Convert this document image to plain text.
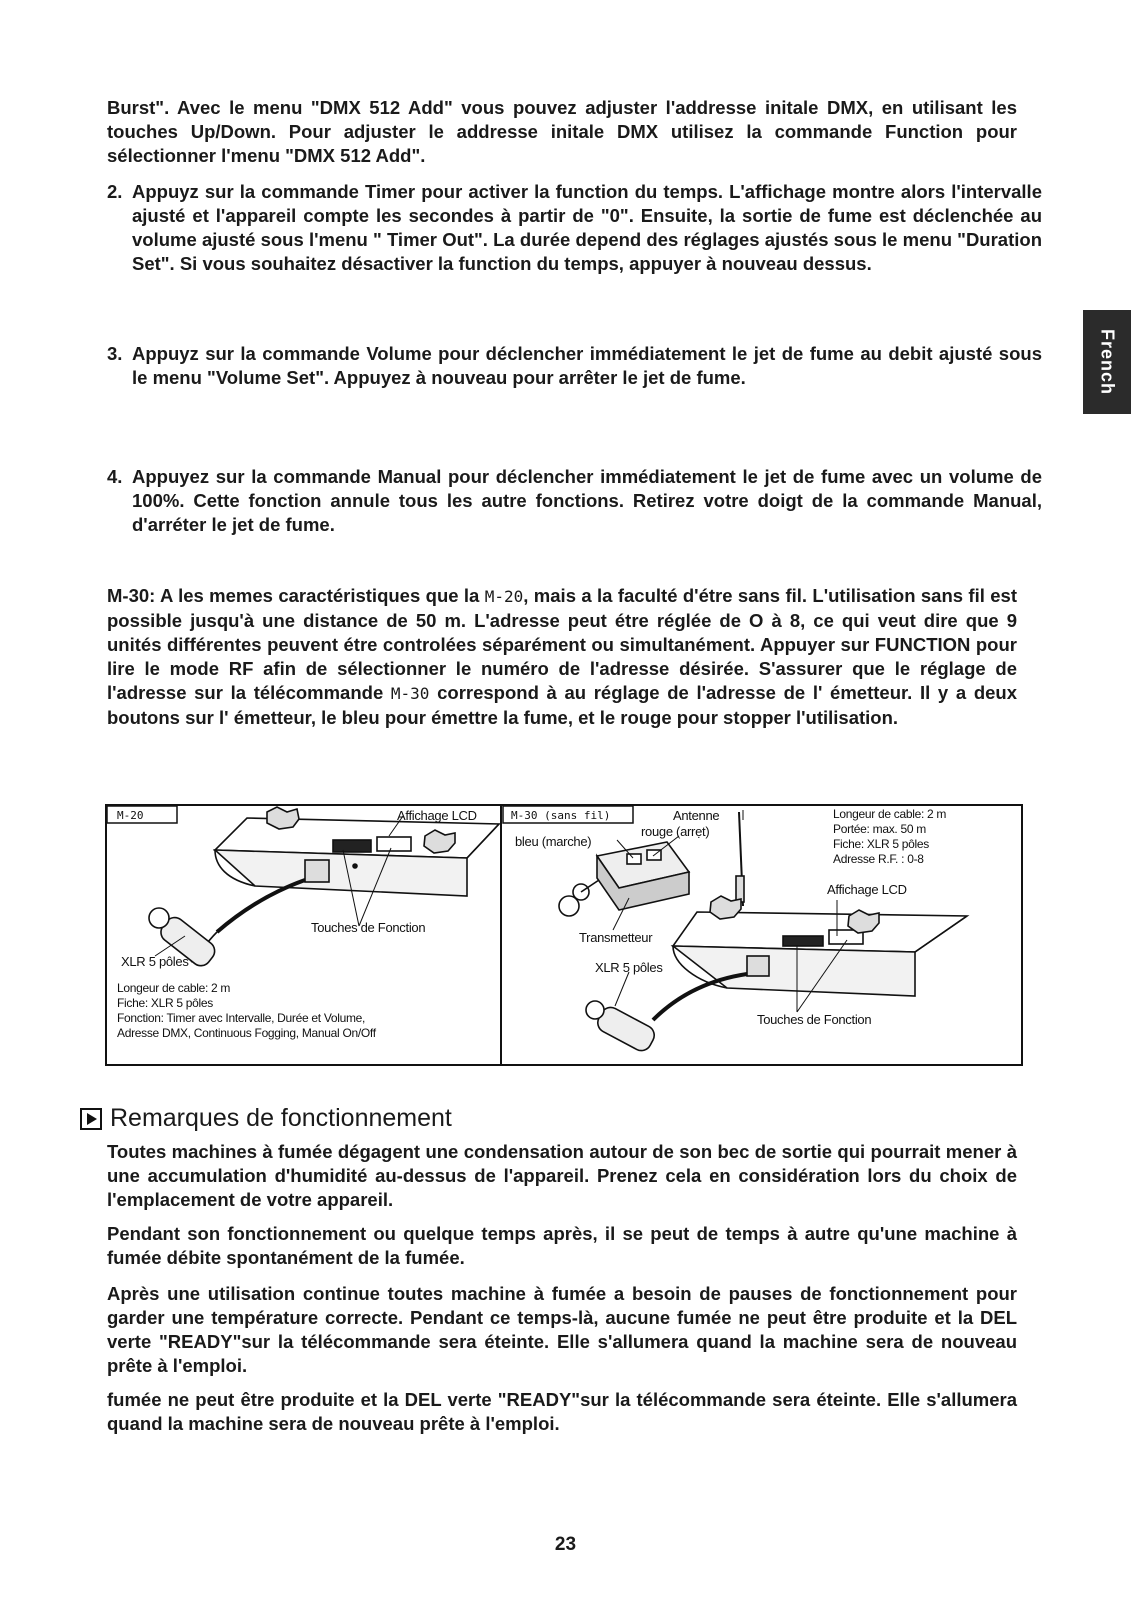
French

Burst". Avec le menu "DMX 512 Add" vous pouvez adjuster l'addresse initale DMX, en utilisant les touches Up/Down. Pour adjuster le addresse initale DMX utilisez la commande Function pour sélectionner l'menu "DMX 512 Add".

2. Appuyz sur la commande Timer pour activer la function du temps. L'affichage montre alors l'intervalle ajusté et l'appareil compte les secondes à partir de "0". Ensuite, la sortie de fume est déclenchée au volume ajusté sous l'menu " Timer Out". La durée depend des réglages ajustés sous le menu "Duration Set". Si vous souhaitez désactiver la function du temps, appuyer à nouveau dessus.

3. Appuyz sur la commande Volume pour déclencher immédiatement le jet de fume au debit ajusté sous le menu "Volume Set". Appuyez à nouveau pour arrêter le jet de fume.

4. Appuyez sur la commande Manual pour déclencher immédiatement le jet de fume avec un volume de 100%. Cette fonction annule tous les autre fonctions. Retirez votre doigt de la commande Manual, d'arréter le jet de fume.

M-30: A les memes caractéristiques que la M-20, mais a la faculté d'étre sans fil. L'utilisation sans fil est possible jusqu'à une distance de 50 m. L'adresse peut étre réglée de O à 8, ce qui veut dire que 9 unités différentes peuvent étre controlées séparément ou simultanément. Appuyer sur FUNCTION pour lire le mode RF afin de sélectionner le numéro de l'adresse désirée. S'assurer que le réglage de l'adresse sur la télécommande M-30 correspond à au réglage de l'adresse de l' émetteur. Il y a deux boutons sur l' émetteur, le bleu pour émettre la fume, et le rouge pour stopper l'utilisation.

M-20	Affichage LCD
Touches de Fonction
XLR 5 pôles
Longeur de cable: 2 m
Fiche: XLR 5 pôles
Fonction: Timer avec Intervalle, Durée et Volume,
Adresse DMX, Continuous Fogging, Manual On/Off
M-30 (sans fil)	Antenne
rouge (arrẹt)
bleu (marche)
Longeur de cable: 2 m
Portée: max. 50 m
Fiche: XLR 5 pôles
Adresse R.F. : 0-8
Affichage LCD
Transmetteur
XLR 5 pôles
Touches de Fonction
Remarques de fonctionnement

Toutes machines à fumée dégagent une condensation autour de son bec de sortie qui pourrait mener à une accumulation d'humidité au-dessus de l'appareil. Prenez cela en considération lors du choix de l'emplacement de votre appareil.

Pendant son fonctionnement ou quelque temps après, il se peut de temps à autre qu'une machine à fumée débite spontanément de la fumée.

Après une utilisation continue toutes machine à fumée a besoin de pauses de fonctionnement pour garder une température correcte. Pendant ce temps-là, aucune fumée ne peut être produite et la DEL verte "READY"sur la télécommande sera éteinte. Elle s'allumera quand la machine sera de nouveau prête à l'emploi.

fumée ne peut être produite et la DEL verte "READY"sur la télécommande sera éteinte. Elle s'allumera quand la machine sera de nouveau prête à l'emploi.

23
